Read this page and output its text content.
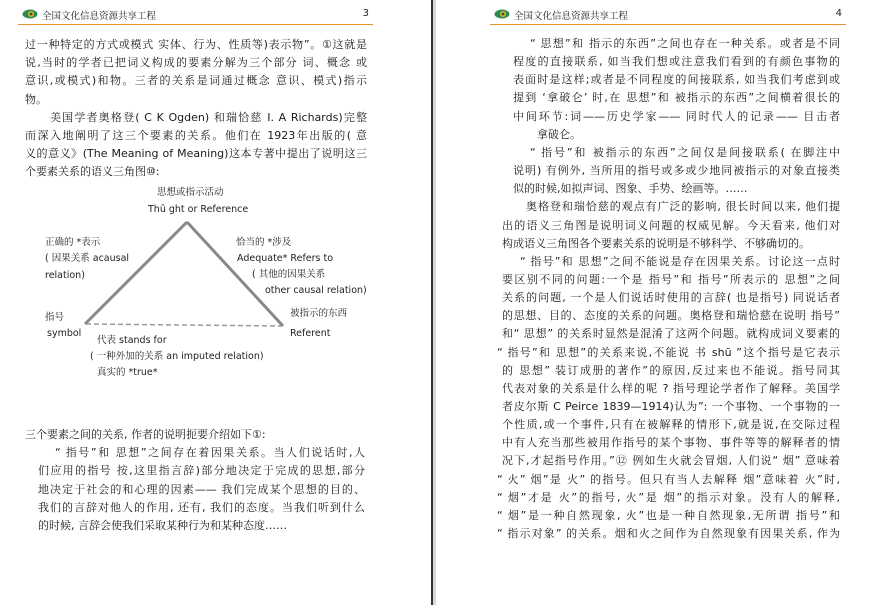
全国文化信息资源共享工程	3
过一种特定的方式或模式 实体、行为、性质等)表示物”。①这就是
说,当时的学者已把词义构成的要素分解为三个部分 词、概念 或
意识,或模式)和物。三者的关系是词通过概念 意识、模式)指示
物。
美国学者奥格登( C K Ogden) 和瑞恰慈 I. A Richards)完整
而深入地阐明了这三个要素的关系。他们在 1923年出版的( 意
义的意义》(The Meaning of Meaning)这本专著中提出了说明这三
个要素关系的语义三角图⑩:
思想或指示活动
Thū ght or Reference
正确的 *表示
( 因果关系 acausal
relation)
恰当的 *涉及
Adequate* Refers to
( 其他的因果关系
other causal relation)
指号
symbol
被指示的东西
Referent
代表 stands for
( 一种外加的关系 an imputed relation)
真实的 *true*
三个要素之间的关系, 作者的说明扼要介绍如下①:
“ 指号”和 思想”之间存在着因果关系。当人们说话时,人
们应用的指号 按,这里指言辞)部分地决定于完成的思想,部分
地决定于社会的和心理的因素—— 我们完成某个思想的目的、
我们的言辞对他人的作用, 还有, 我们的态度。当我们听到什么
的时候, 言辞会使我们采取某种行为和某种态度……
全国文化信息资源共享工程	4
“ 思想”和 指示的东西”之间也存在一种关系。或者是不同
程度的直接联系, 如当我们想或注意我们看到的有颜色事物的
表面时是这样;或者是不同程度的间接联系, 如当我们考虑到或
提到 ‘拿破仑’ 时,在 思想”和 被指示的东西”之间横着很长的
中间环节:词——历史学家—— 同时代人的记录—— 目击者
拿破仑。
“ 指号”和 被指示的东西”之间仅是间接联系( 在脚注中
说明) 有例外, 当所用的指号或多或少地同被指示的对象直接类
似的时候,如拟声词、图象、手势、绘画等。……
奥格登和瑞恰慈的观点有广泛的影响, 很长时间以来, 他们提
出的语义三角图是说明词义问题的权威见解。今天看来, 他们对
构成语义三角图各个要素关系的说明是不够科学、不够确切的。
“ 指号”和 思想”之间不能说是存在因果关系。讨论这一点时
要区别不同的问题:一个是 指号”和 指号”所表示的 思想”之间
关系的问题, 一个是人们说话时使用的言辞( 也是指号) 同说话者
的思想、目的、态度的关系的问题。奥格登和瑞恰慈在说明 指号”
和“ 思想” 的关系时显然是混淆了这两个问题。就构成词义要素的
“ 指号”和 思想”的关系来说,不能说 书 shū ”这个指号是它表示
的 思想” 装订成册的著作”的原因,反过来也不能说。指号同其
代表对象的关系是什么样的呢 ? 指号理论学者作了解释。美国学
者皮尔斯 C Peirce 1839—1914)认为”: 一个事物、一个事物的一
个性质,或一个事件,只有在被解释的情形下,就是说,在交际过程
中有人充当那些被用作指号的某个事物、事件等等的解释者的情
况下,才起指号作用。”⑫ 例如生火就会冒烟, 人们说“ 烟” 意味着
“ 火” 烟”是 火” 的指号。但只有当人去解释 烟”意味着 火”时,
“ 烟”才是 火”的指号, 火”是 烟”的指示对象。没有人的解释,
“ 烟”是一种自然现象, 火”也是一种自然现象,无所谓 指号”和
“ 指示对象” 的关系。烟和火之间作为自然现象有因果关系, 作为
